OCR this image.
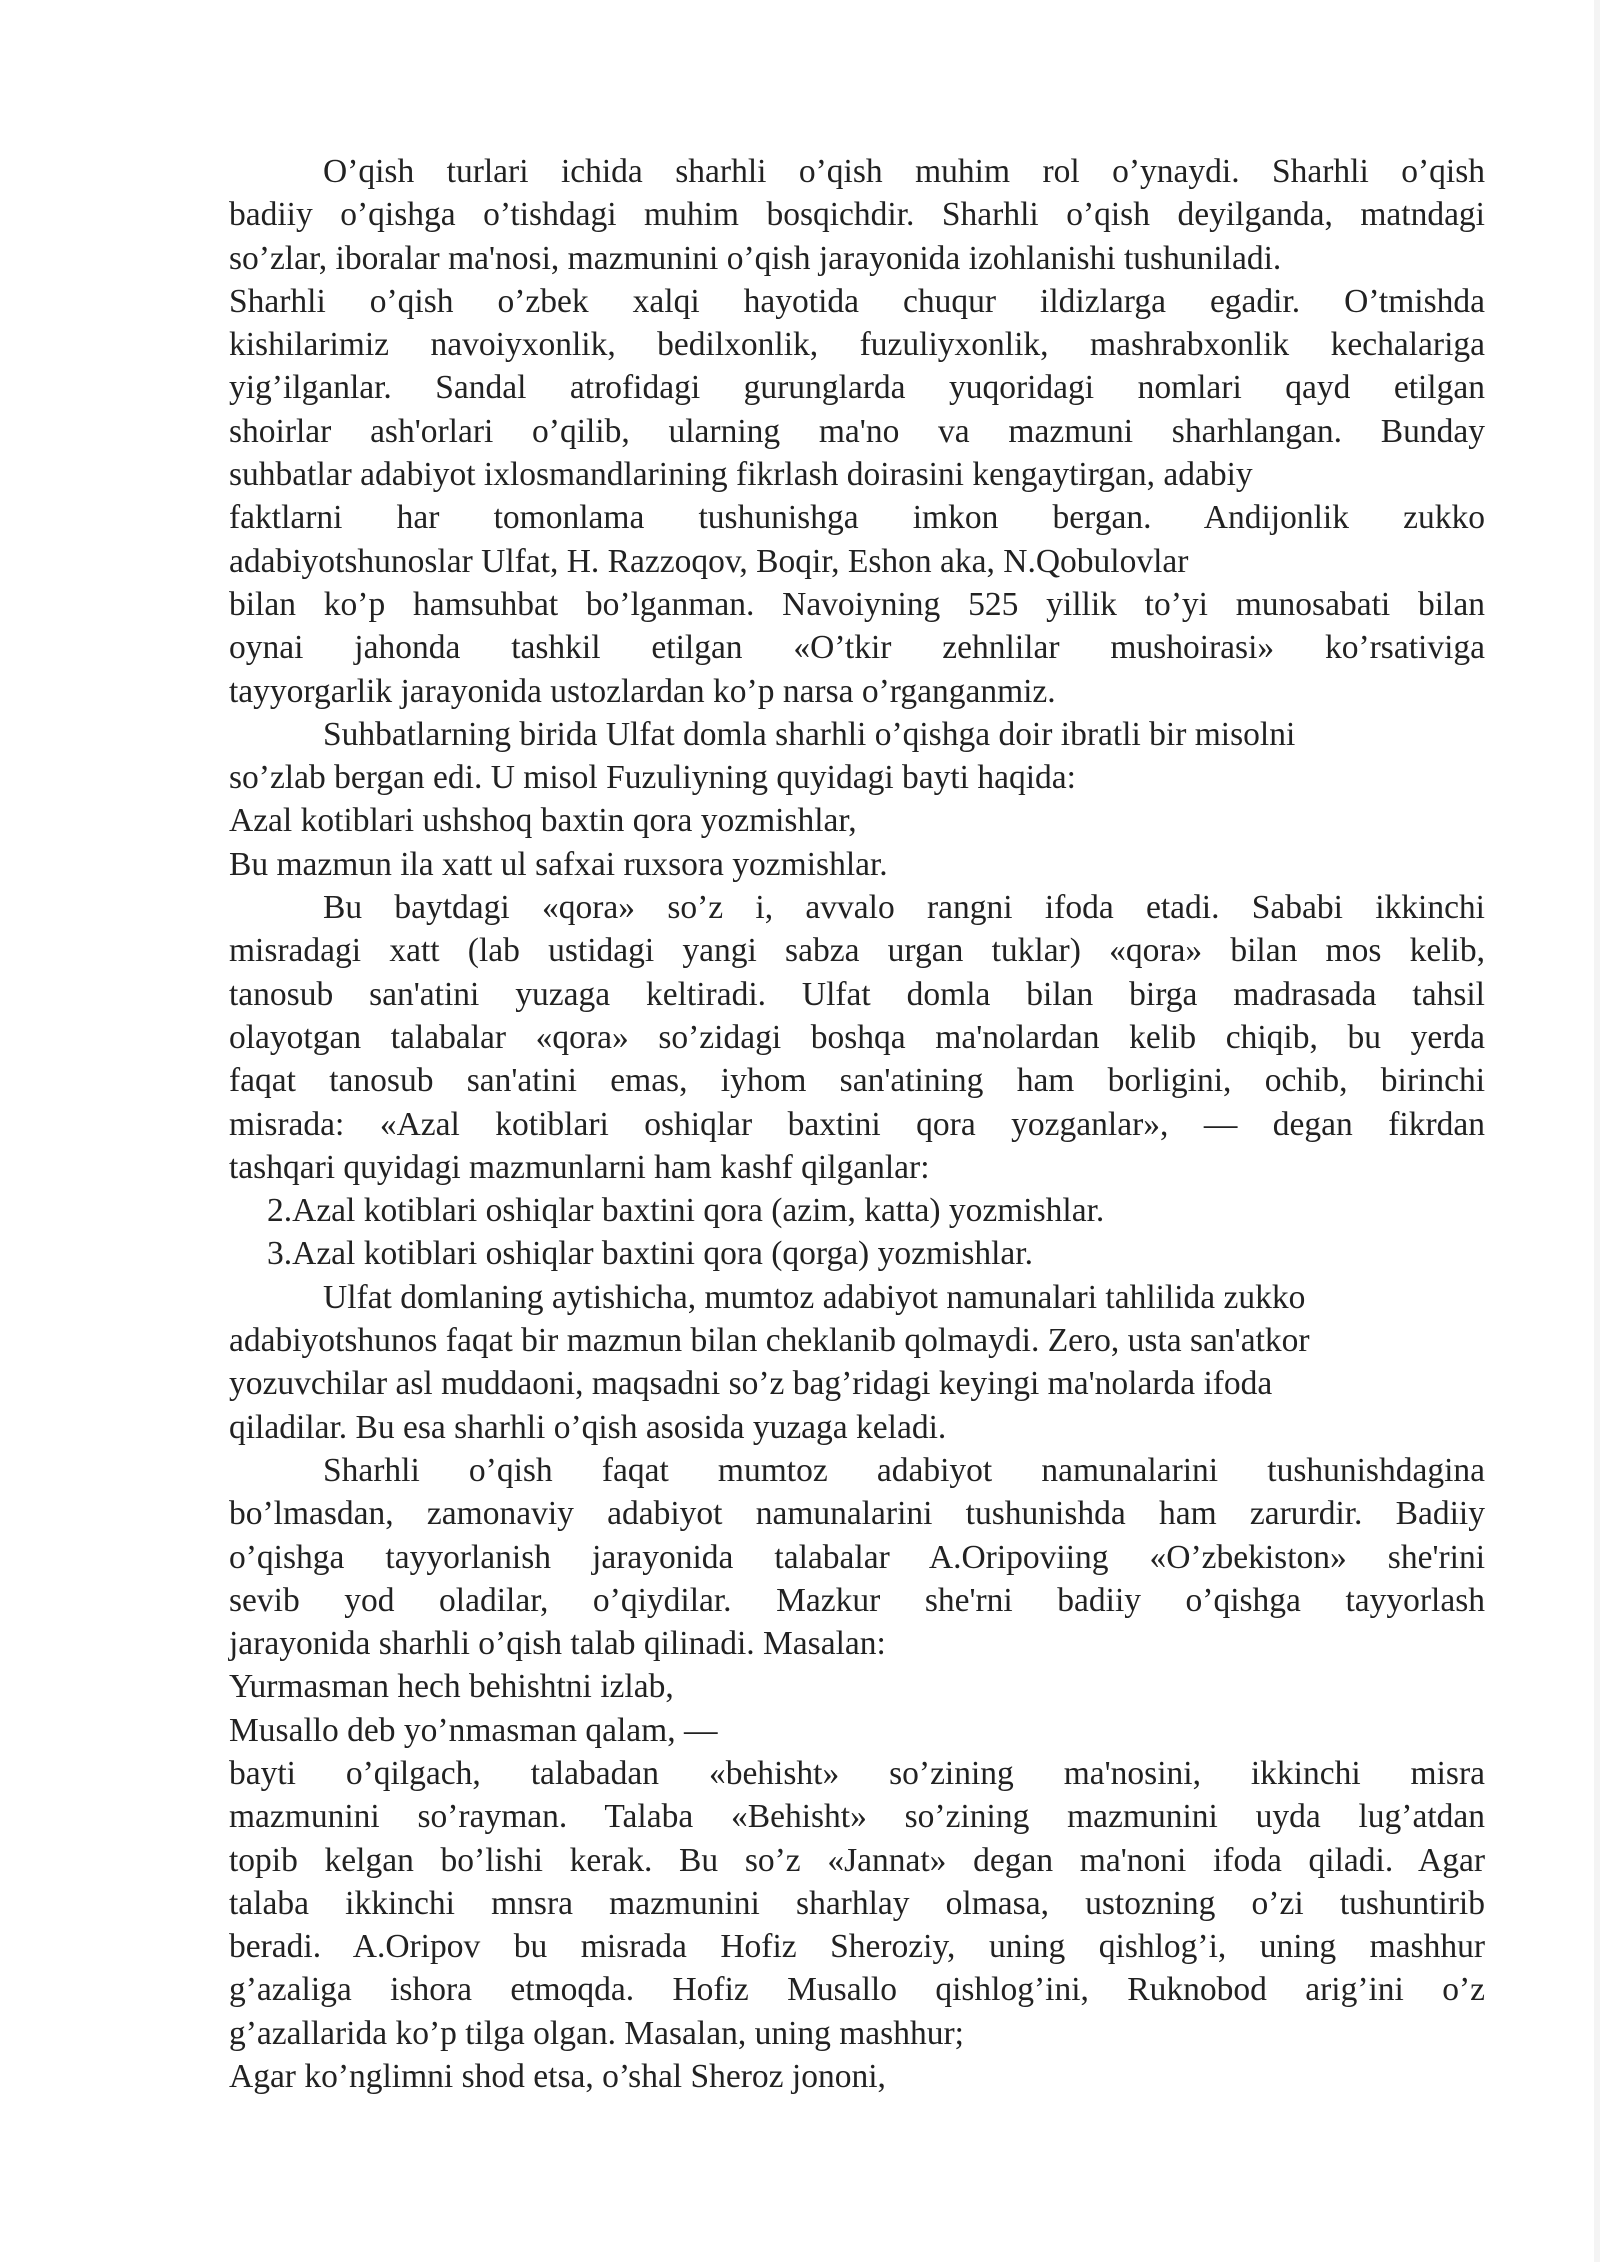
O’qish turlari ichida sharhli o’qish muhim rol o’ynaydi. Sharhli o’qish
badiiy o’qishga o’tishdagi muhim bosqichdir. Sharhli o’qish deyilganda, matndagi
so’zlar, iboralar ma'nosi, mazmunini o’qish jarayonida izohlanishi tushuniladi.
Sharhli o’qish o’zbek xalqi hayotida chuqur ildizlarga egadir. O’tmishda
kishilarimiz navoiyxonlik, bedilxonlik, fuzuliyxonlik, mashrabxonlik kechalariga
yig’ilganlar. Sandal atrofidagi gurunglarda yuqoridagi nomlari qayd etilgan
shoirlar ash'orlari o’qilib, ularning ma'no va mazmuni sharhlangan. Bunday
suhbatlar adabiyot ixlosmandlarining fikrlash doirasini kengaytirgan, adabiy
faktlarni har tomonlama tushunishga imkon bergan. Andijonlik zukko
adabiyotshunoslar Ulfat, H. Razzoqov, Boqir, Eshon aka, N.Qobulovlar
bilan ko’p hamsuhbat bo’lganman. Navoiyning 525 yillik to’yi munosabati bilan
oynai jahonda tashkil etilgan «O’tkir zehnlilar mushoirasi» ko’rsativiga
tayyorgarlik jarayonida ustozlardan ko’p narsa o’rganganmiz.
Suhbatlarning birida Ulfat domla sharhli o’qishga doir ibratli bir misolni
so’zlab bergan edi. U misol Fuzuliyning quyidagi bayti haqida:
Azal kotiblari ushshoq baxtin qora yozmishlar,
Bu mazmun ila xatt ul safxai ruxsora yozmishlar.
Bu baytdagi «qora» so’z i, avvalo rangni ifoda etadi. Sababi ikkinchi
misradagi xatt (lab ustidagi yangi sabza urgan tuklar) «qora» bilan mos kelib,
tanosub san'atini yuzaga keltiradi. Ulfat domla bilan birga madrasada tahsil
olayotgan talabalar «qora» so’zidagi boshqa ma'nolardan kelib chiqib, bu yerda
faqat tanosub san'atini emas, iyhom san'atining ham borligini, ochib, birinchi
misrada: «Azal kotiblari oshiqlar baxtini qora yozganlar», — degan fikrdan
tashqari quyidagi mazmunlarni ham kashf qilganlar:
2.Azal kotiblari oshiqlar baxtini qora (azim, katta) yozmishlar.
3.Azal kotiblari oshiqlar baxtini qora (qorga) yozmishlar.
Ulfat domlaning aytishicha, mumtoz adabiyot namunalari tahlilida zukko
adabiyotshunos faqat bir mazmun bilan cheklanib qolmaydi. Zero, usta san'atkor
yozuvchilar asl muddaoni, maqsadni so’z bag’ridagi keyingi ma'nolarda ifoda
qiladilar. Bu esa sharhli o’qish asosida yuzaga keladi.
Sharhli o’qish faqat mumtoz adabiyot namunalarini tushunishdagina
bo’lmasdan, zamonaviy adabiyot namunalarini tushunishda ham zarurdir. Badiiy
o’qishga tayyorlanish jarayonida talabalar A.Oripoviing «O’zbekiston» she'rini
sevib yod oladilar, o’qiydilar. Mazkur she'rni badiiy o’qishga tayyorlash
jarayonida sharhli o’qish talab qilinadi. Masalan:
Yurmasman hech behishtni izlab,
Musallo deb yo’nmasman qalam, —
bayti o’qilgach, talabadan «behisht» so’zining ma'nosini, ikkinchi misra
mazmunini so’rayman. Talaba «Behisht» so’zining mazmunini uyda lug’atdan
topib kelgan bo’lishi kerak. Bu so’z «Jannat» degan ma'noni ifoda qiladi. Agar
talaba ikkinchi mnsra mazmunini sharhlay olmasa, ustozning o’zi tushuntirib
beradi. A.Oripov bu misrada Hofiz Sheroziy, uning qishlog’i, uning mashhur
g’azaliga ishora etmoqda. Hofiz Musallo qishlog’ini, Ruknobod arig’ini o’z
g’azallarida ko’p tilga olgan. Masalan, uning mashhur;
Agar ko’nglimni shod etsa, o’shal Sheroz jononi,
